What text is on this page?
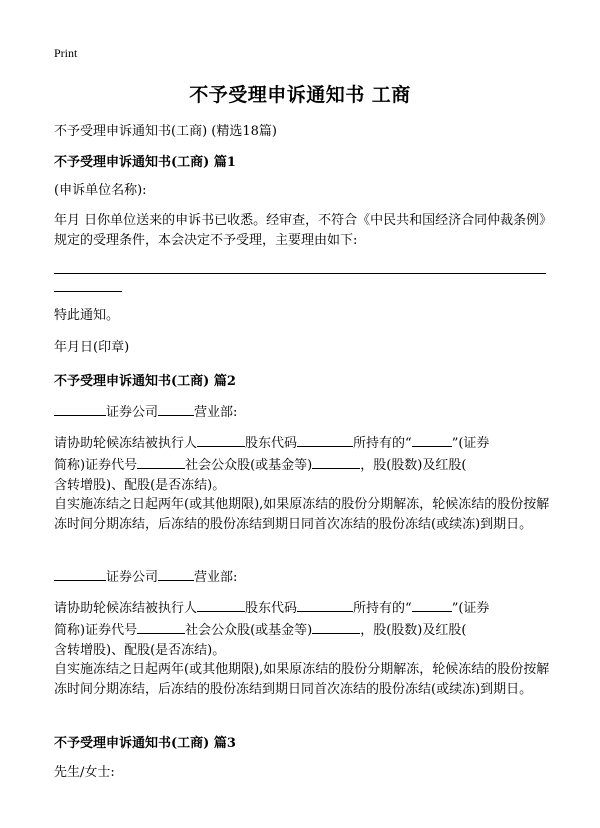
Print
不予受理申诉通知书 工商
不予受理申诉通知书(工商) (精选18篇)
不予受理申诉通知书(工商) 篇1
(申诉单位名称):
年月 日你单位送来的申诉书已收悉。经审查，不符合《中民共和国经济合同仲裁条例》规定的受理条件，本会决定不予受理，主要理由如下:
特此通知。
年月日(印章)
不予受理申诉通知书(工商) 篇2
证券公司	营业部:
请协助轮候冻结被执行人	股东代码	所持有的“	”(证券
简称)证券代号	社会公众股(或基金等)	，股(股数)及红股(
含转增股)、配股(是否冻结)。
自实施冻结之日起两年(或其他期限),如果原冻结的股份分期解冻，轮候冻结的股份按解冻时间分期冻结，后冻结的股份冻结到期日同首次冻结的股份冻结(或续冻)到期日。
证券公司	营业部:
请协助轮候冻结被执行人	股东代码	所持有的“	”(证券
简称)证券代号	社会公众股(或基金等)	，股(股数)及红股(
含转增股)、配股(是否冻结)。
自实施冻结之日起两年(或其他期限),如果原冻结的股份分期解冻，轮候冻结的股份按解冻时间分期冻结，后冻结的股份冻结到期日同首次冻结的股份冻结(或续冻)到期日。
不予受理申诉通知书(工商) 篇3
先生/女士:
